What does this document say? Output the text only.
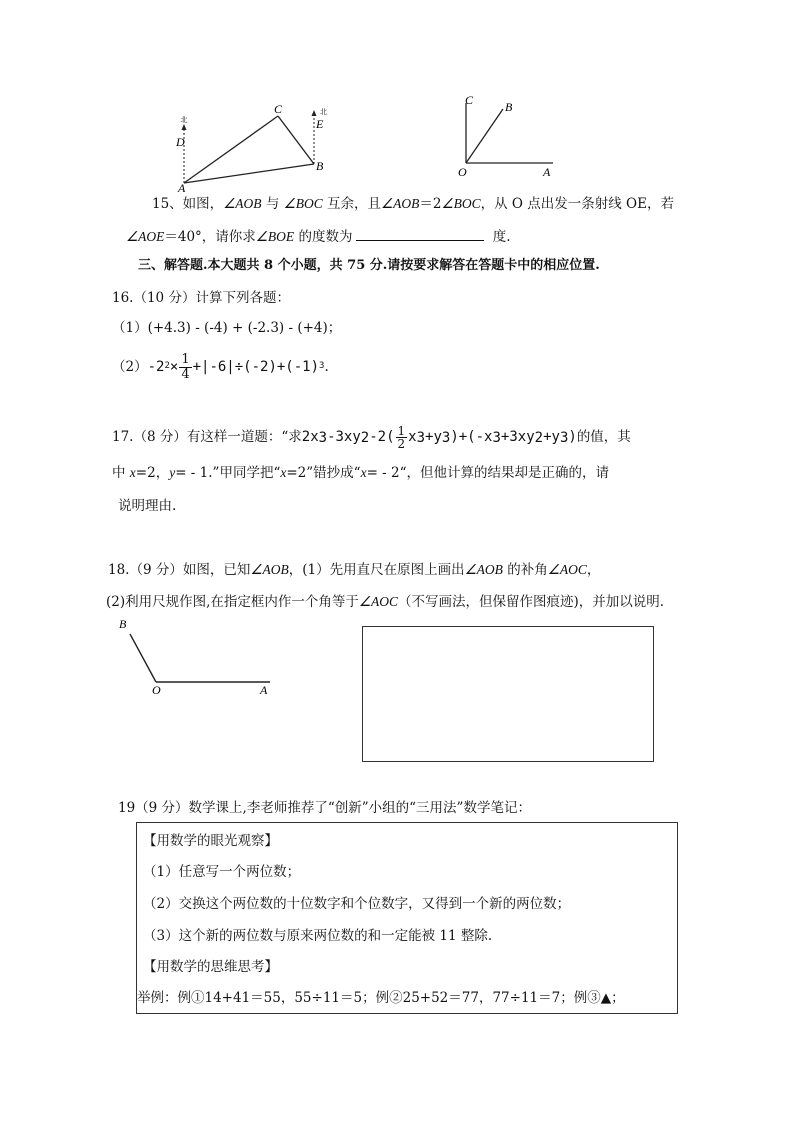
北
北
D
E
C
B
A
C	B
O	A
15、如图，∠AOB 与 ∠BOC 互余，且∠AOB＝2∠BOC，从 O 点出发一条射线 OE，若
∠AOE＝40°，请你求∠BOE 的度数为	度.
三、解答题.本大题共 8 个小题，共 75 分.请按要求解答在答题卡中的相应位置.
16.（10 分）计算下列各题：
（1）(+4.3) ‐ (‐4) + (‐2.3) ‐ (+4)；
（2） -2 $2 \times \frac{1}{4} +|-6|\div(-2)+(-1)$ 3 .
17.（8 分）有这样一道题：“求 2x 3 -3xy 2 $-2( \frac{1}{2}$ x 3 +y 3 )+(-x 3 +3xy 2 +y 3 ) 的值，其
中 x=2，y= ‐ 1.”甲同学把“x=2”错抄成“x= ‐ 2“，但他计算的结果却是正确的，请
说明理由.
18.（9 分）如图，已知∠AOB，(1）先用直尺在原图上画出∠AOB 的补角∠AOC，
(2)利用尺规作图,在指定框内作一个角等于∠AOC（不写画法，但保留作图痕迹)，并加以说明.
B
O	A
19（9 分）数学课上,李老师推荐了“创新”小组的“三用法”数学笔记：
【用数学的眼光观察】
（1）任意写一个两位数；
（2）交换这个两位数的十位数字和个位数字，又得到一个新的两位数；
（3）这个新的两位数与原来两位数的和一定能被 11 整除.
【用数学的思维思考】
举例：例①14+41＝55，55÷11＝5；例②25+52＝77，77÷11＝7；例③▲；
